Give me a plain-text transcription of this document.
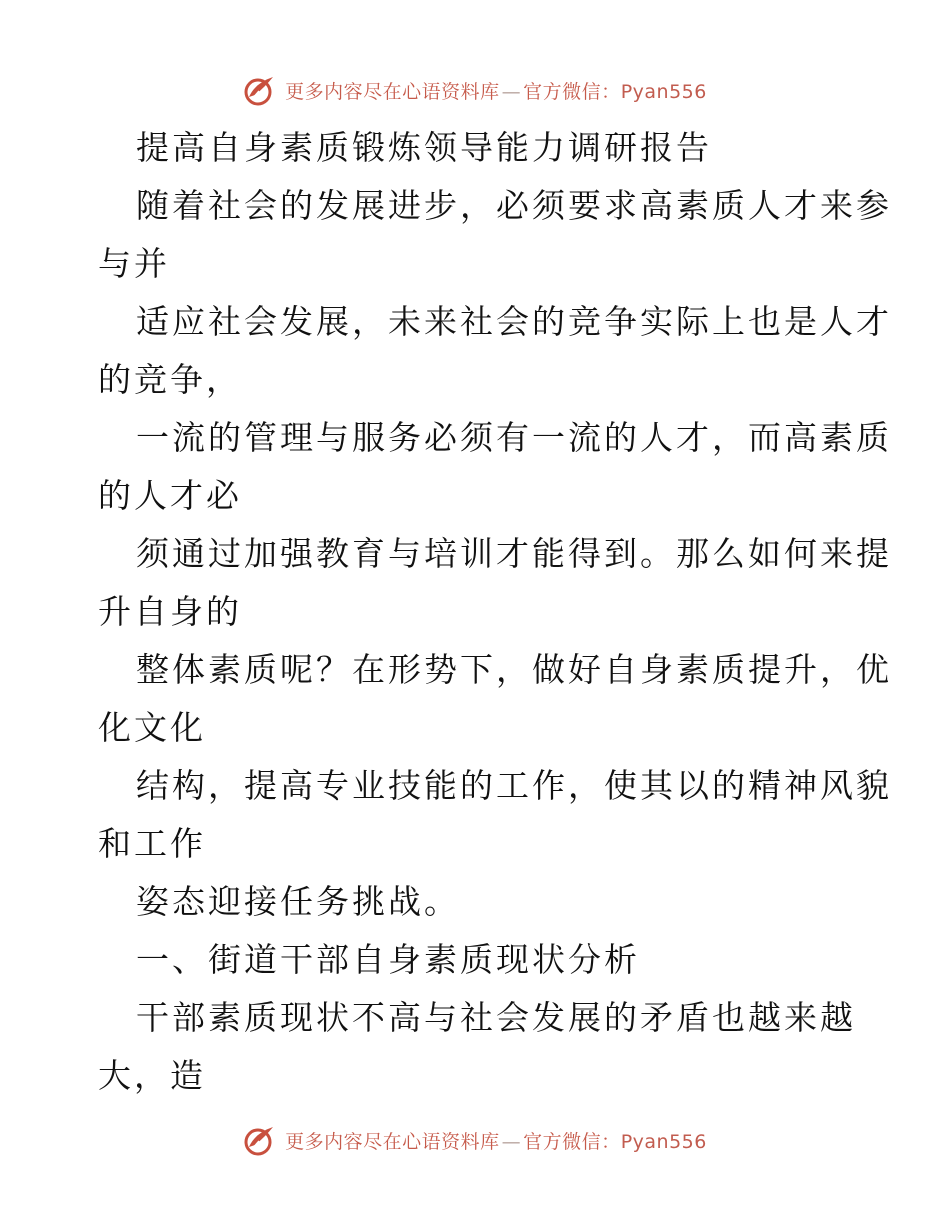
更多内容尽在心语资料库 — 官方微信：Pyan556
提高自身素质锻炼领导能力调研报告
随着社会的发展进步，必须要求高素质人才来参
与并
适应社会发展，未来社会的竞争实际上也是人才
的竞争，
一流的管理与服务必须有一流的人才，而高素质
的人才必
须通过加强教育与培训才能得到。那么如何来提
升自身的
整体素质呢？在形势下，做好自身素质提升，优
化文化
结构，提高专业技能的工作，使其以的精神风貌
和工作
姿态迎接任务挑战。
一、街道干部自身素质现状分析
干部素质现状不高与社会发展的矛盾也越来越
大，造
更多内容尽在心语资料库 — 官方微信：Pyan556
